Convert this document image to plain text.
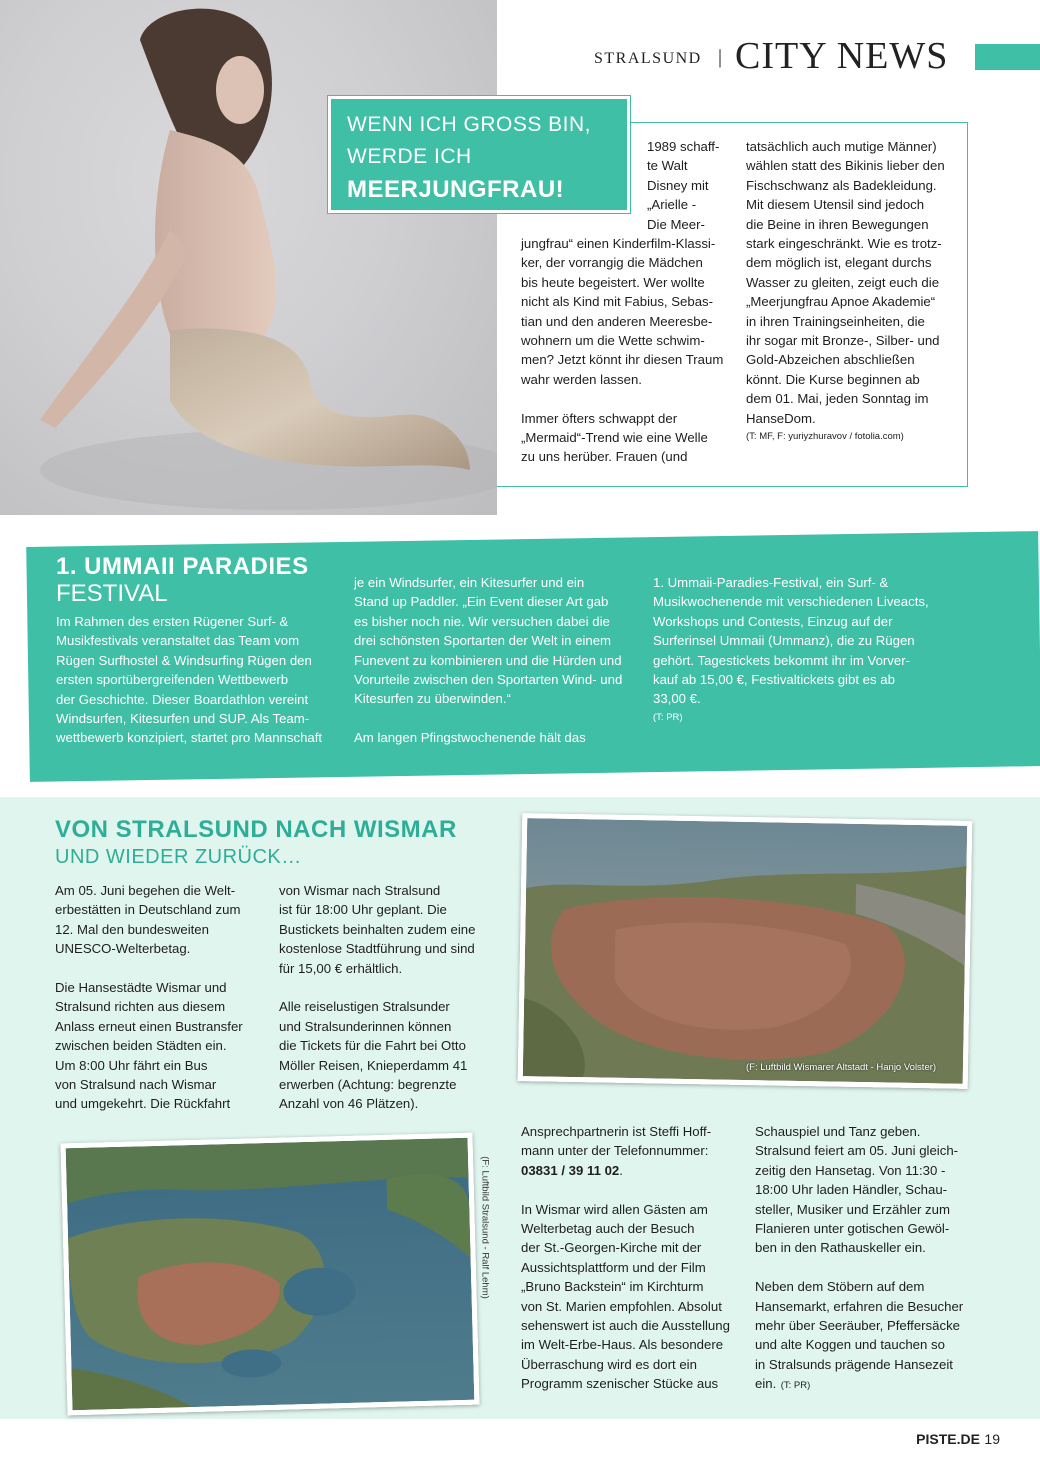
STRALSUND | CITY NEWS
WENN ICH GROSS BIN,
WERDE ICH
MEERJUNGFRAU!
1989 schaff-
te Walt
Disney mit
„Arielle -
Die Meer-
jungfrau“ einen Kinderfilm-Klassi-
ker, der vorrangig die Mädchen
bis heute begeistert. Wer wollte
nicht als Kind mit Fabius, Sebas-
tian und den anderen Meeresbe-
wohnern um die Wette schwim-
men? Jetzt könnt ihr diesen Traum
wahr werden lassen.

Immer öfters schwappt der
„Mermaid“-Trend wie eine Welle
zu uns herüber. Frauen (und
tatsächlich auch mutige Männer)
wählen statt des Bikinis lieber den
Fischschwanz als Badekleidung.
Mit diesem Utensil sind jedoch
die Beine in ihren Bewegungen
stark eingeschränkt. Wie es trotz-
dem möglich ist, elegant durchs
Wasser zu gleiten, zeigt euch die
„Meerjungfrau Apnoe Akademie“
in ihren Trainingseinheiten, die
ihr sogar mit Bronze-, Silber- und
Gold-Abzeichen abschließen
könnt. Die Kurse beginnen ab
dem 01. Mai, jeden Sonntag im
HanseDom.
(T: MF, F: yuriyzhuravov / fotolia.com)
1. UMMAII PARADIES
FESTIVAL
Im Rahmen des ersten Rügener Surf- &
Musikfestivals veranstaltet das Team vom
Rügen Surfhostel & Windsurfing Rügen den
ersten sportübergreifenden Wettbewerb
der Geschichte. Dieser Boardathlon vereint
Windsurfen, Kitesurfen und SUP. Als Team-
wettbewerb konzipiert, startet pro Mannschaft
je ein Windsurfer, ein Kitesurfer und ein
Stand up Paddler. „Ein Event dieser Art gab
es bisher noch nie. Wir versuchen dabei die
drei schönsten Sportarten der Welt in einem
Funevent zu kombinieren und die Hürden und
Vorurteile zwischen den Sportarten Wind- und
Kitesurfen zu überwinden.“

Am langen Pfingstwochenende hält das
1. Ummaii-Paradies-Festival, ein Surf- &
Musikwochenende mit verschiedenen Liveacts,
Workshops und Contests, Einzug auf der
Surferinsel Ummaii (Ummanz), die zu Rügen
gehört. Tagestickets bekommt ihr im Vorver-
kauf ab 15,00 €, Festivaltickets gibt es ab
33,00 €.
(T: PR)
VON STRALSUND NACH WISMAR
UND WIEDER ZURÜCK…
Am 05. Juni begehen die Welt-
erbestätten in Deutschland zum
12. Mal den bundesweiten
UNESCO-Welterbetag.

Die Hansestädte Wismar und
Stralsund richten aus diesem
Anlass erneut einen Bustransfer
zwischen beiden Städten ein.
Um 8:00 Uhr fährt ein Bus
von Stralsund nach Wismar
und umgekehrt. Die Rückfahrt
von Wismar nach Stralsund
ist für 18:00 Uhr geplant. Die
Bustickets beinhalten zudem eine
kostenlose Stadtführung und sind
für 15,00 € erhältlich.

Alle reiselustigen Stralsunder
und Stralsunderinnen können
die Tickets für die Fahrt bei Otto
Möller Reisen, Knieperdamm 41
erwerben (Achtung: begrenzte
Anzahl von 46 Plätzen).
(F: Luftbild Wismarer Altstadt - Hanjo Volster)
(F: Luftbild Stralsund - Ralf Lehm)
Ansprechpartnerin ist Steffi Hoff-
mann unter der Telefonnummer:
03831 / 39 11 02.
In Wismar wird allen Gästen am
Welterbetag auch der Besuch
der St.-Georgen-Kirche mit der
Aussichtsplattform und der Film
„Bruno Backstein“ im Kirchturm
von St. Marien empfohlen. Absolut
sehenswert ist auch die Ausstellung
im Welt-Erbe-Haus. Als besondere
Überraschung wird es dort ein
Programm szenischer Stücke aus
Schauspiel und Tanz geben.
Stralsund feiert am 05. Juni gleich-
zeitig den Hansetag. Von 11:30 -
18:00 Uhr laden Händler, Schau-
steller, Musiker und Erzähler zum
Flanieren unter gotischen Gewöl-
ben in den Rathauskeller ein.

Neben dem Stöbern auf dem
Hansemarkt, erfahren die Besucher
mehr über Seeräuber, Pfeffersäcke
und alte Koggen und tauchen so
in Stralsunds prägende Hansezeit
ein. (T: PR)
PISTE.DE 19
